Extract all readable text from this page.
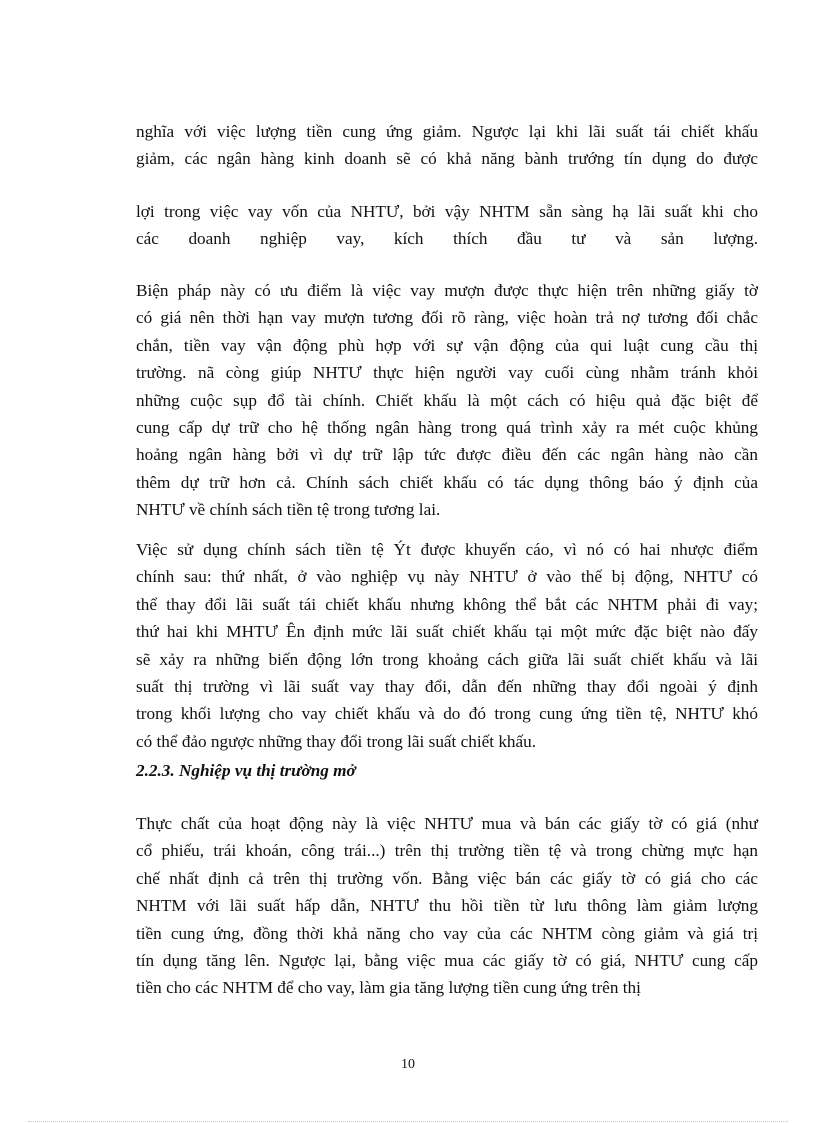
nghĩa với việc lượng tiền cung ứng giảm. Ngược lại khi lãi suất tái chiết khấu
giảm, các ngân hàng kinh doanh sẽ có khả năng bành trướng tín dụng do được
lợi trong việc vay vốn của NHTƯ, bởi vậy NHTM sẵn sàng hạ lãi suất khi cho
các doanh nghiệp vay, kích thích đầu tư và sản lượng.
Biện pháp này có ưu điểm là việc vay mượn được thực hiện trên những giấy tờ
có giá nên thời hạn vay mượn tương đối rõ ràng, việc hoàn trả nợ tương đối chắc
chắn, tiền vay vận động phù hợp với sự vận động của qui luật cung cầu thị
trường. nã còng giúp NHTƯ thực hiện người vay cuối cùng nhằm tránh khỏi
những cuộc sụp đổ tài chính. Chiết khấu là một cách có hiệu quả đặc biệt để
cung cấp dự trữ cho hệ thống ngân hàng trong quá trình xảy ra mét cuộc khủng
hoảng ngân hàng bởi vì dự trữ lập tức được điều đến các ngân hàng nào cần
thêm dự trữ hơn cả. Chính sách chiết khấu có tác dụng thông báo ý định của
NHTƯ về chính sách tiền tệ trong tương lai.
Việc sử dụng chính sách tiền tệ Ýt được khuyến cáo, vì nó có hai nhược điểm
chính sau: thứ nhất, ở vào nghiệp vụ này NHTƯ ở vào thế bị động, NHTƯ có
thể thay đổi lãi suất tái chiết khấu nhưng không thể bắt các NHTM phải đi vay;
thứ hai khi MHTƯ Ên định mức lãi suất chiết khấu tại một mức đặc biệt nào đấy
sẽ xảy ra những biến động lớn trong khoảng cách giữa lãi suất chiết khấu và lãi
suất thị trường vì lãi suất vay thay đổi, dẫn đến những thay đổi ngoài ý định
trong khối lượng cho vay chiết khấu và do đó trong cung ứng tiền tệ, NHTƯ khó
có thể đảo ngược những thay đổi trong lãi suất chiết khấu.
2.2.3. Nghiệp vụ thị trường mở
Thực chất của hoạt động này là việc NHTƯ mua và bán các giấy tờ có giá (như
cổ phiếu, trái khoán, công trái...) trên thị trường tiền tệ và trong chừng mực hạn
chế nhất định cả trên thị trường vốn. Bằng việc bán các giấy tờ có giá cho các
NHTM với lãi suất hấp dẫn, NHTƯ thu hồi tiền từ lưu thông làm giảm lượng
tiền cung ứng, đồng thời khả năng cho vay của các NHTM còng giảm và giá trị
tín dụng tăng lên. Ngược lại, bằng việc mua các giấy tờ có giá, NHTƯ cung cấp
tiền cho các NHTM để cho vay, làm gia tăng lượng tiền cung ứng trên thị
10
